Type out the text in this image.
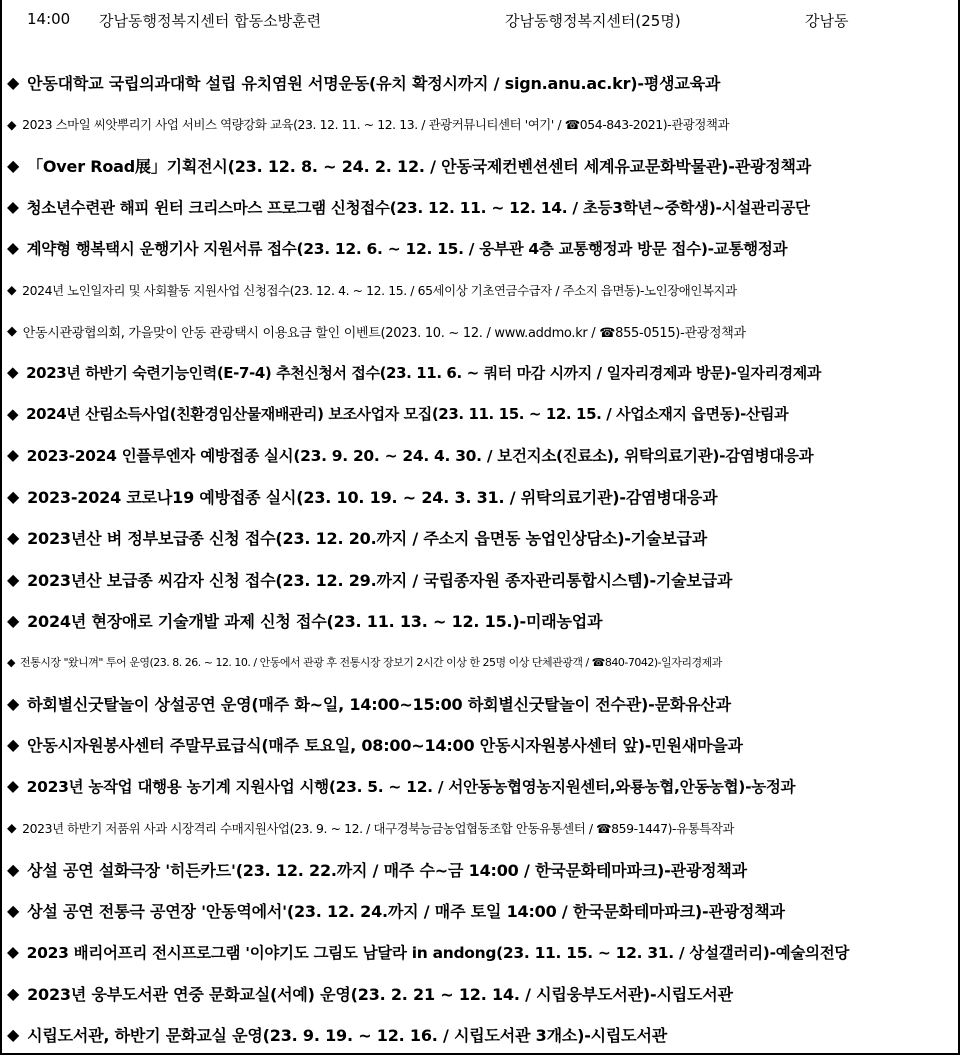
14:00 강남동행정복지센터 합동소방훈련	강남동행정복지센터(25명)	강남동
◆ 안동대학교 국립의과대학 설립 유치염원 서명운동(유치 확정시까지 / sign.anu.ac.kr)-평생교육과
◆ 2023 스마일 씨앗뿌리기 사업 서비스 역량강화 교육(23. 12. 11. ~ 12. 13. / 관광커뮤니티센터 '여기' / ☎054-843-2021)-관광정책과
◆ 「Over Road展」기획전시(23. 12. 8. ~ 24. 2. 12. / 안동국제컨벤션센터 세계유교문화박물관)-관광정책과
◆ 청소년수련관 해피 윈터 크리스마스 프로그램 신청접수(23. 12. 11. ~ 12. 14. / 초등3학년~중학생)-시설관리공단
◆ 계약형 행복택시 운행기사 지원서류 접수(23. 12. 6. ~ 12. 15. / 웅부관 4층 교통행정과 방문 접수)-교통행정과
◆ 2024년 노인일자리 및 사회활동 지원사업 신청접수(23. 12. 4. ~ 12. 15. / 65세이상 기초연금수급자 / 주소지 읍면동)-노인장애인복지과
◆ 안동시관광협의회, 가을맞이 안동 관광택시 이용요금 할인 이벤트(2023. 10. ~ 12. / www.addmo.kr / ☎855-0515)-관광정책과
◆ 2023년 하반기 숙련기능인력(E-7-4) 추천신청서 접수(23. 11. 6. ~ 쿼터 마감 시까지 / 일자리경제과 방문)-일자리경제과
◆ 2024년 산림소득사업(친환경임산물재배관리) 보조사업자 모집(23. 11. 15. ~ 12. 15. / 사업소재지 읍면동)-산림과
◆ 2023-2024 인플루엔자 예방접종 실시(23. 9. 20. ~ 24. 4. 30. / 보건지소(진료소), 위탁의료기관)-감염병대응과
◆ 2023-2024 코로나19 예방접종 실시(23. 10. 19. ~ 24. 3. 31. / 위탁의료기관)-감염병대응과
◆ 2023년산 벼 정부보급종 신청 접수(23. 12. 20.까지 / 주소지 읍면동 농업인상담소)-기술보급과
◆ 2023년산 보급종 씨감자 신청 접수(23. 12. 29.까지 / 국립종자원 종자관리통합시스템)-기술보급과
◆ 2024년 현장애로 기술개발 과제 신청 접수(23. 11. 13. ~ 12. 15.)-미래농업과
◆ 전통시장 "왔니껴" 투어 운영(23. 8. 26. ~ 12. 10. / 안동에서 관광 후 전통시장 장보기 2시간 이상 한 25명 이상 단체관광객 / ☎840-7042)-일자리경제과
◆ 하회별신굿탈놀이 상설공연 운영(매주 화~일, 14:00~15:00 하회별신굿탈놀이 전수관)-문화유산과
◆ 안동시자원봉사센터 주말무료급식(매주 토요일, 08:00~14:00 안동시자원봉사센터 앞)-민원새마을과
◆ 2023년 농작업 대행용 농기계 지원사업 시행(23. 5. ~ 12. / 서안동농협영농지원센터,와룡농협,안동농협)-농정과
◆ 2023년 하반기 저품위 사과 시장격리 수매지원사업(23. 9. ~ 12. / 대구경북능금농업협동조합 안동유통센터 / ☎859-1447)-유통특작과
◆ 상설 공연 설화극장 '히든카드'(23. 12. 22.까지 / 매주 수~금 14:00 / 한국문화테마파크)-관광정책과
◆ 상설 공연 전통극 공연장 '안동역에서'(23. 12. 24.까지 / 매주 토일 14:00 / 한국문화테마파크)-관광정책과
◆ 2023 배리어프리 전시프로그램 '이야기도 그림도 남달라 in andong(23. 11. 15. ~ 12. 31. / 상설갤러리)-예술의전당
◆ 2023년 웅부도서관 연중 문화교실(서예) 운영(23. 2. 21 ~ 12. 14. / 시립웅부도서관)-시립도서관
◆ 시립도서관, 하반기 문화교실 운영(23. 9. 19. ~ 12. 16. / 시립도서관 3개소)-시립도서관
